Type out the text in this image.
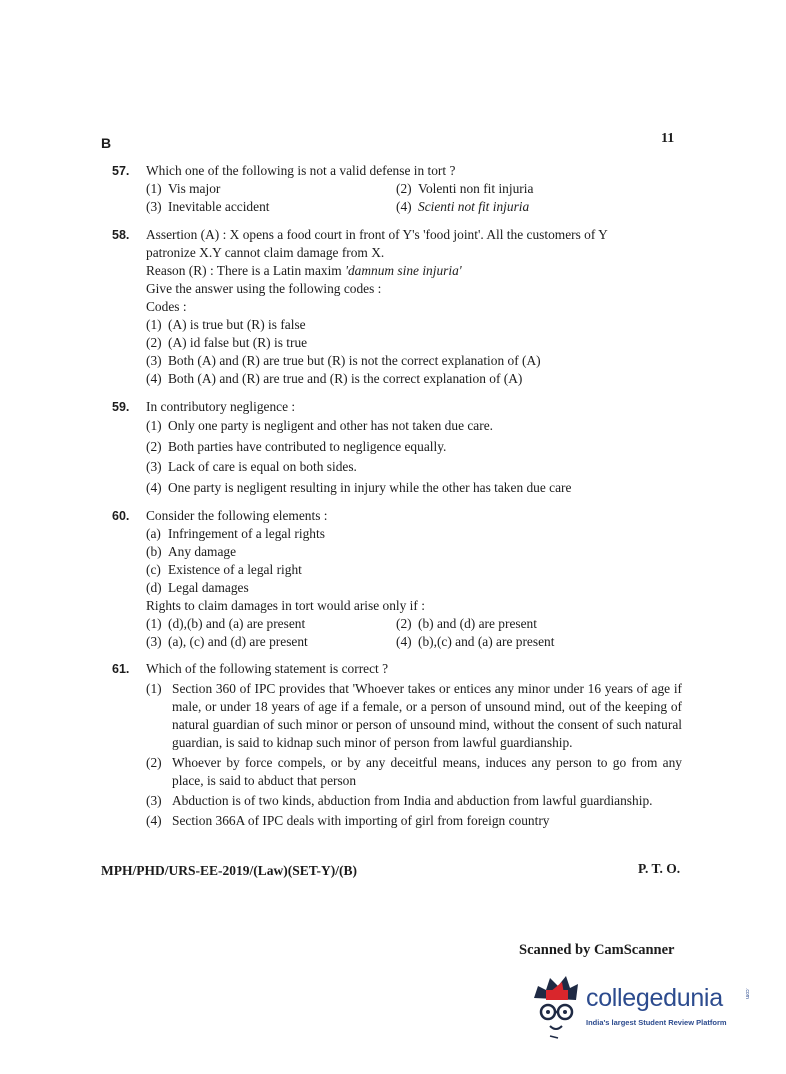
B	11
57. Which one of the following is not a valid defense in tort ?
(1) Vis major	(2) Volenti non fit injuria
(3) Inevitable accident	(4) Scienti not fit injuria
58. Assertion (A) : X opens a food court in front of Y's 'food joint'. All the customers of Y
patronize X.Y cannot claim damage from X.
Reason (R) : There is a Latin maxim 'damnum sine injuria'
Give the answer using the following codes :
Codes :
(1) (A) is true but (R) is false
(2) (A) id false but (R) is true
(3) Both (A) and (R) are true but (R) is not the correct explanation of (A)
(4) Both (A) and (R) are true and (R) is the correct explanation of (A)
59. In contributory negligence :
(1) Only one party is negligent and other has not taken due care.
(2) Both parties have contributed to negligence equally.
(3) Lack of care is equal on both sides.
(4) One party is negligent resulting in injury while the other has taken due care
60. Consider the following elements :
(a) Infringement of a legal rights
(b) Any damage
(c) Existence of a legal right
(d) Legal damages
Rights to claim damages in tort would arise only if :
(1) (d),(b) and (a) are present	(2) (b) and (d) are present
(3) (a), (c) and (d) are present	(4) (b),(c) and (a) are present
61. Which of the following statement is correct ?
(1) Section 360 of IPC provides that 'Whoever takes or entices any minor under 16 years of age if male, or under 18 years of age if a female, or a person of unsound mind, out of the keeping of natural guardian of such minor or person of unsound mind, without the consent of such natural guardian, is said to kidnap such minor of person from lawful guardianship.
(2) Whoever by force compels, or by any deceitful means, induces any person to go from any place, is said to abduct that person
(3) Abduction is of two kinds, abduction from India and abduction from lawful guardianship.
(4) Section 366A of IPC deals with importing of girl from foreign country
MPH/PHD/URS-EE-2019/(Law)(SET-Y)/(B)	P. T. O.
Scanned by CamScanner
collegedunia	.com
India's largest Student Review Platform
